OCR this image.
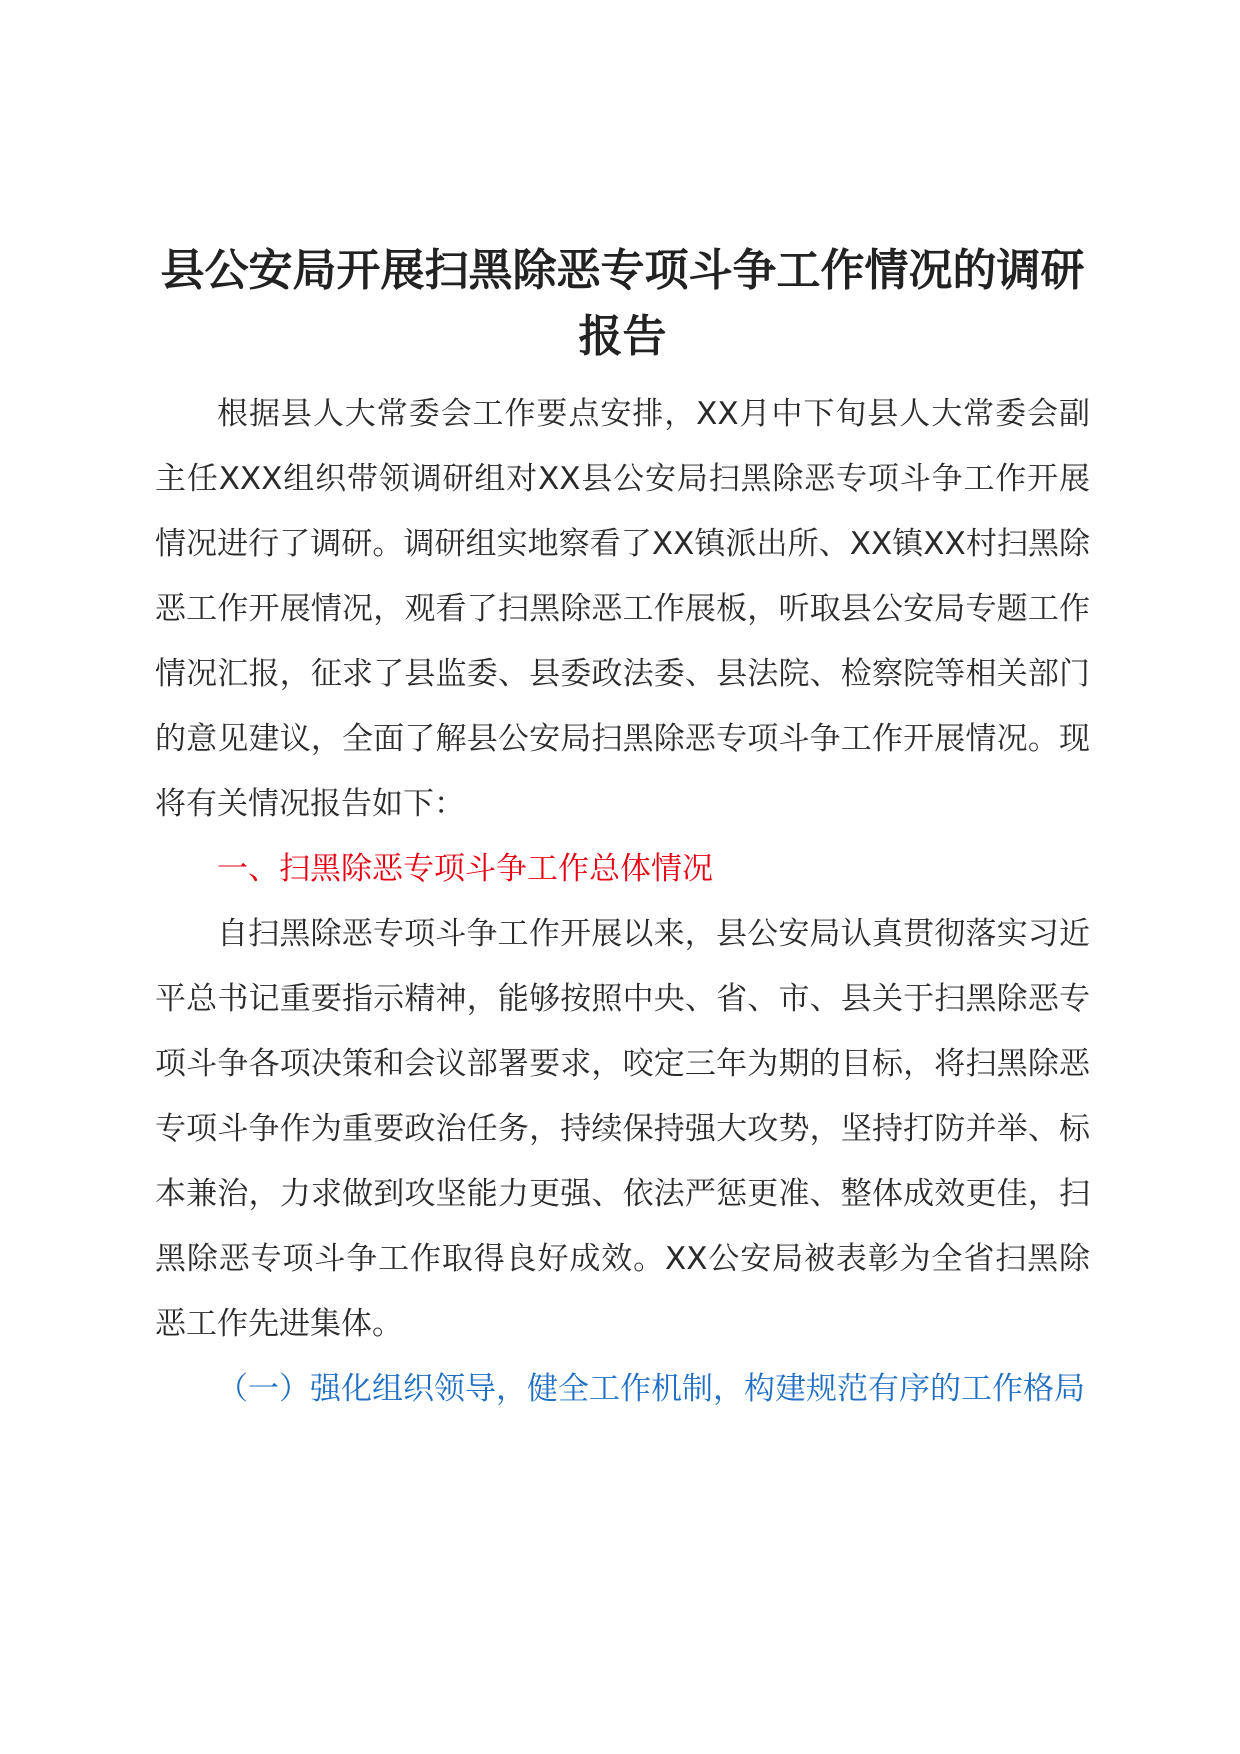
县公安局开展扫黑除恶专项斗争工作情况的调研报告

根据县人大常委会工作要点安排，XX月中下旬县人大常委会副主任XXX组织带领调研组对XX县公安局扫黑除恶专项斗争工作开展情况进行了调研。调研组实地察看了XX镇派出所、XX镇XX村扫黑除恶工作开展情况，观看了扫黑除恶工作展板，听取县公安局专题工作情况汇报，征求了县监委、县委政法委、县法院、检察院等相关部门的意见建议，全面了解县公安局扫黑除恶专项斗争工作开展情况。现将有关情况报告如下：

一、扫黑除恶专项斗争工作总体情况

自扫黑除恶专项斗争工作开展以来，县公安局认真贯彻落实习近平总书记重要指示精神，能够按照中央、省、市、县关于扫黑除恶专项斗争各项决策和会议部署要求，咬定三年为期的目标，将扫黑除恶专项斗争作为重要政治任务，持续保持强大攻势，坚持打防并举、标本兼治，力求做到攻坚能力更强、依法严惩更准、整体成效更佳，扫黑除恶专项斗争工作取得良好成效。XX公安局被表彰为全省扫黑除恶工作先进集体。

（一）强化组织领导，健全工作机制，构建规范有序的工作格局
